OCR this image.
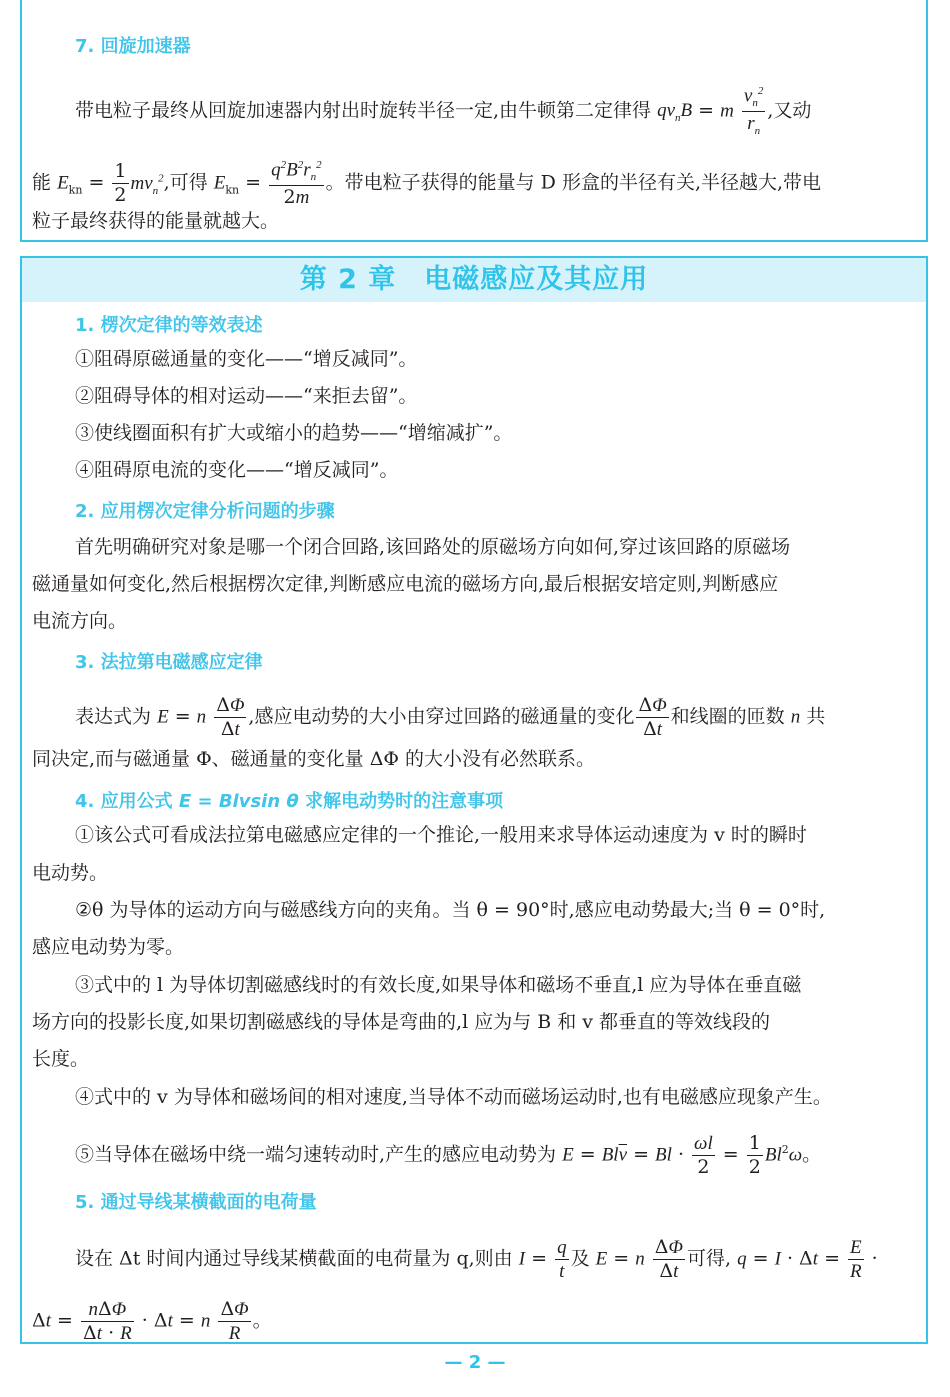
7. 回旋加速器
带电粒子最终从回旋加速器内射出时旋转半径一定,由牛顿第二定律得 $qv_nB = m \frac{v_n^2}{r_n}$ ,又动
能 $E_{kn} = \frac{1}{2} mv_n^2$,可得 $E_{kn} = \frac{q^2B^2r_n^2}{2m}$ 。带电粒子获得的能量与 D 形盒的半径有关,半径越大,带电
粒子最终获得的能量就越大。
第 2 章　电磁感应及其应用
1. 楞次定律的等效表述
①阻碍原磁通量的变化——“增反减同”。
②阻碍导体的相对运动——“来拒去留”。
③使线圈面积有扩大或缩小的趋势——“增缩减扩”。
④阻碍原电流的变化——“增反减同”。
2. 应用楞次定律分析问题的步骤
首先明确研究对象是哪一个闭合回路,该回路处的原磁场方向如何,穿过该回路的原磁场
磁通量如何变化,然后根据楞次定律,判断感应电流的磁场方向,最后根据安培定则,判断感应
电流方向。
3. 法拉第电磁感应定律
表达式为 E = n $\frac{\Delta\Phi}{\Delta t}$ ,感应电动势的大小由穿过回路的磁通量的变化 $\frac{\Delta\Phi}{\Delta t}$ 和线圈的匝数 n 共
同决定,而与磁通量 Φ、磁通量的变化量 ΔΦ 的大小没有必然联系。
4. 应用公式 E = Blvsin θ 求解电动势时的注意事项
①该公式可看成法拉第电磁感应定律的一个推论,一般用来求导体运动速度为 v 时的瞬时
电动势。
②θ 为导体的运动方向与磁感线方向的夹角。当 θ = 90°时,感应电动势最大;当 θ = 0°时,
感应电动势为零。
③式中的 l 为导体切割磁感线时的有效长度,如果导体和磁场不垂直,l 应为导体在垂直磁
场方向的投影长度,如果切割磁感线的导体是弯曲的,l 应为与 B 和 v 都垂直的等效线段的
长度。
④式中的 v 为导体和磁场间的相对速度,当导体不动而磁场运动时,也有电磁感应现象产生。
⑤当导体在磁场中绕一端匀速转动时,产生的感应电动势为 $E = Bl\overline{v} = Bl \cdot \frac{\omega l}{2} = \frac{1}{2} Bl^2\omega$。
5. 通过导线某横截面的电荷量
设在 Δt 时间内通过导线某横截面的电荷量为 q,则由 $I = \frac{q}{t}$ 及 E = n $\frac{\Delta\Phi}{\Delta t}$ 可得, $q = I \cdot \Delta t = \frac{E}{R}$ ·
$\Delta t = \frac{\text{nΔΦ}}{\Delta t \cdot R} \cdot \Delta t = n \frac{\Delta\Phi}{R}$ 。
— 2 —
